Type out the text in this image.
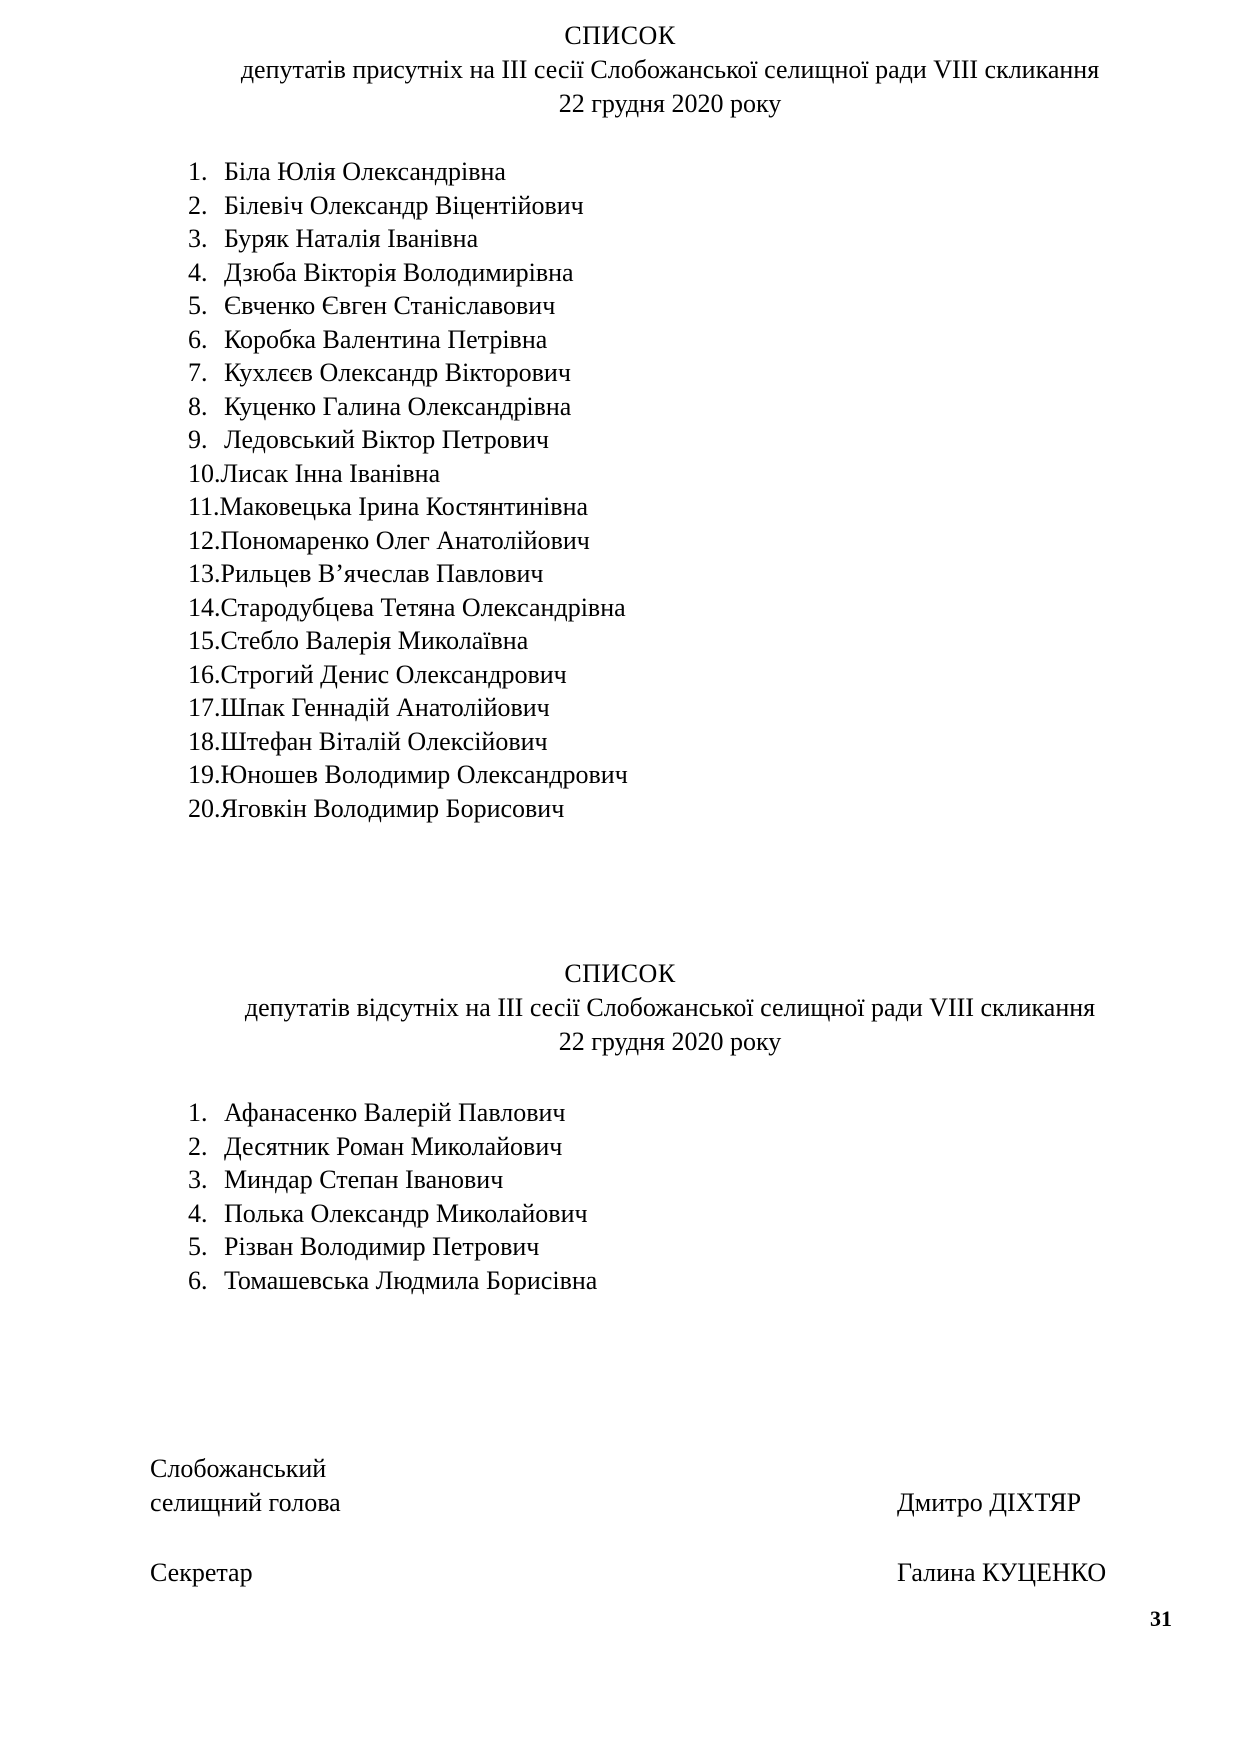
СПИСОК
депутатів присутніх на ІІІ сесії Слобожанської селищної ради VІІІ скликання
22 грудня 2020 року
1. Біла Юлія Олександрівна
2. Білевіч Олександр Віцентійович
3. Буряк Наталія Іванівна
4. Дзюба Вікторія Володимирівна
5. Євченко Євген Станіславович
6. Коробка Валентина Петрівна
7. Кухлєєв Олександр Вікторович
8. Куценко Галина Олександрівна
9. Ледовський Віктор Петрович
10. Лисак Інна Іванівна
11. Маковецька Ірина Костянтинівна
12. Пономаренко Олег Анатолійович
13. Рильцев В’ячеслав Павлович
14. Стародубцева Тетяна Олександрівна
15. Стебло Валерія Миколаївна
16. Строгий Денис Олександрович
17. Шпак Геннадій Анатолійович
18. Штефан Віталій Олексійович
19. Юношев Володимир Олександрович
20. Яговкін Володимир Борисович
СПИСОК
депутатів відсутніх на ІІІ сесії Слобожанської селищної ради VІІІ скликання
22 грудня 2020 року
1. Афанасенко Валерій Павлович
2. Десятник Роман Миколайович
3. Миндар Степан Іванович
4. Полька Олександр Миколайович
5. Різван Володимир Петрович
6. Томашевська Людмила Борисівна
Слобожанський
селищний голова	Дмитро ДІХТЯР
Секретар	Галина КУЦЕНКО
31
